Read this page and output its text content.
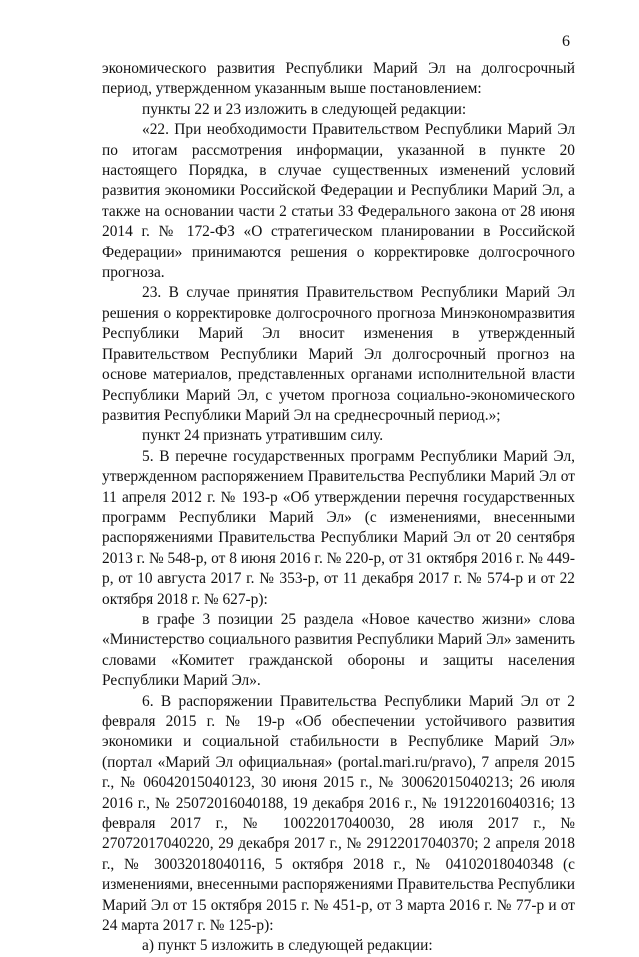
6

экономического развития Республики Марий Эл на долгосрочный период, утвержденном указанным выше постановлением:

пункты 22 и 23 изложить в следующей редакции:

«22. При необходимости Правительством Республики Марий Эл по итогам рассмотрения информации, указанной в пункте 20 настоящего Порядка, в случае существенных изменений условий развития экономики Российской Федерации и Республики Марий Эл, а также на основании части 2 статьи 33 Федерального закона от 28 июня 2014 г. № 172-ФЗ «О стратегическом планировании в Российской Федерации» принимаются решения о корректировке долгосрочного прогноза.

23. В случае принятия Правительством Республики Марий Эл решения о корректировке долгосрочного прогноза Минэкономразвития Республики Марий Эл вносит изменения в утвержденный Правительством Республики Марий Эл долгосрочный прогноз на основе материалов, представленных органами исполнительной власти Республики Марий Эл, с учетом прогноза социально-экономического развития Республики Марий Эл на среднесрочный период.»;

пункт 24 признать утратившим силу.

5. В перечне государственных программ Республики Марий Эл, утвержденном распоряжением Правительства Республики Марий Эл от 11 апреля 2012 г. № 193-р «Об утверждении перечня государственных программ Республики Марий Эл» (с изменениями, внесенными распоряжениями Правительства Республики Марий Эл от 20 сентября 2013 г. № 548-р, от 8 июня 2016 г. № 220-р, от 31 октября 2016 г. № 449-р, от 10 августа 2017 г. № 353-р, от 11 декабря 2017 г. № 574-р и от 22 октября 2018 г. № 627-р):

в графе 3 позиции 25 раздела «Новое качество жизни» слова «Министерство социального развития Республики Марий Эл» заменить словами «Комитет гражданской обороны и защиты населения Республики Марий Эл».

6. В распоряжении Правительства Республики Марий Эл от 2 февраля 2015 г. № 19-р «Об обеспечении устойчивого развития экономики и социальной стабильности в Республике Марий Эл» (портал «Марий Эл официальная» (portal.mari.ru/pravo), 7 апреля 2015 г., № 06042015040123, 30 июня 2015 г., № 30062015040213; 26 июля 2016 г., № 25072016040188, 19 декабря 2016 г., № 19122016040316; 13 февраля 2017 г., № 10022017040030, 28 июля 2017 г., № 27072017040220, 29 декабря 2017 г., № 29122017040370; 2 апреля 2018 г., № 30032018040116, 5 октября 2018 г., № 04102018040348 (с изменениями, внесенными распоряжениями Правительства Республики Марий Эл от 15 октября 2015 г. № 451-р, от 3 марта 2016 г. № 77-р и от 24 марта 2017 г. № 125-р):

а) пункт 5 изложить в следующей редакции:
